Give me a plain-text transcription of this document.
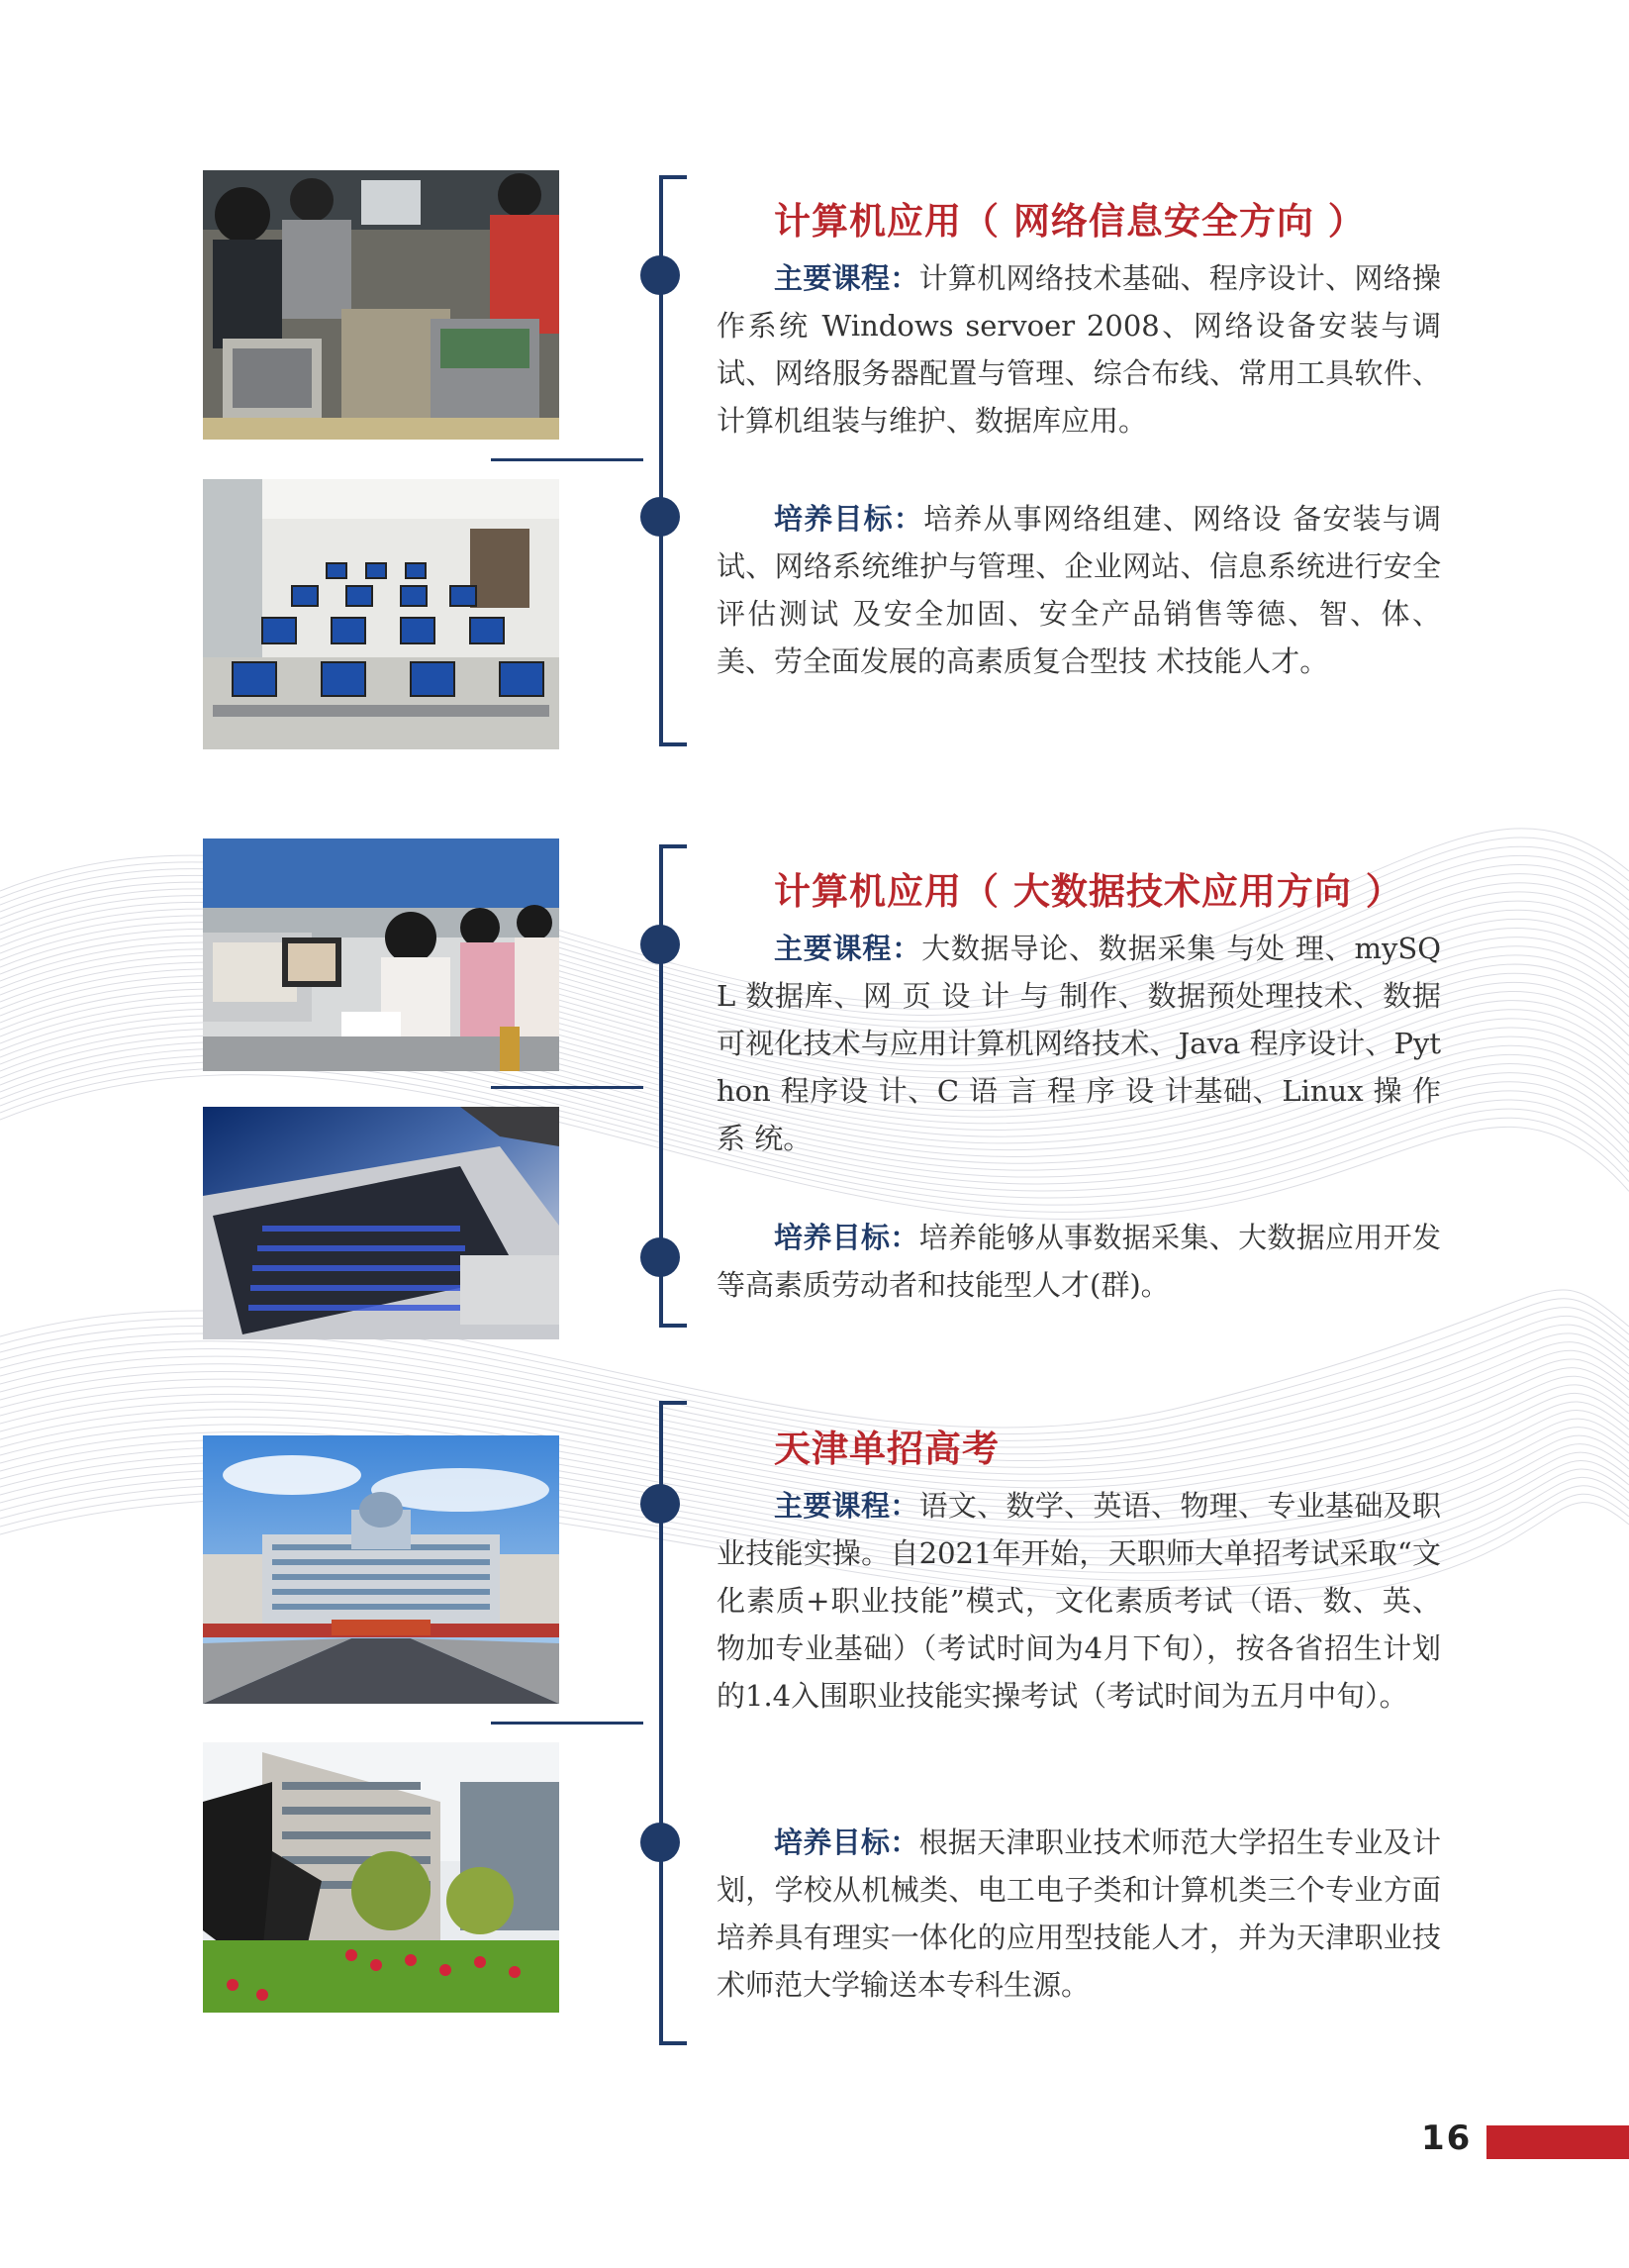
计算机应用（ 网络信息安全方向 ）

主要课程：计算机网络技术基础、程序设计、网络操作系统 Windows servoer 2008、网络设备安装与调试、网络服务器配置与管理、综合布线、常用工具软件、计算机组装与维护、数据库应用。

培养目标：培养从事网络组建、网络设 备安装与调试、网络系统维护与管理、企业网站、信息系统进行安全评估测试 及安全加固、安全产品销售等德、智、体、美、劳全面发展的高素质复合型技 术技能人才。

计算机应用（ 大数据技术应用方向 ）

主要课程：大数据导论、数据采集 与处 理、mySQL 数据库、网 页 设 计 与 制作、数据预处理技术、数据可视化技术与应用计算机网络技术、Java 程序设计、Python 程序设 计、C 语 言 程 序 设 计基础、Linux 操 作 系 统。

培养目标：培养能够从事数据采集、大数据应用开发等高素质劳动者和技能型人才(群)。

天津单招高考

主要课程：语文、数学、英语、物理、专业基础及职业技能实操。自2021年开始，天职师大单招考试采取“文化素质+职业技能”模式，文化素质考试（语、数、英、物加专业基础）（考试时间为4月下旬），按各省招生计划的1.4入围职业技能实操考试（考试时间为五月中旬）。

培养目标：根据天津职业技术师范大学招生专业及计划，学校从机械类、电工电子类和计算机类三个专业方面培养具有理实一体化的应用型技能人才，并为天津职业技术师范大学输送本专科生源。

16
